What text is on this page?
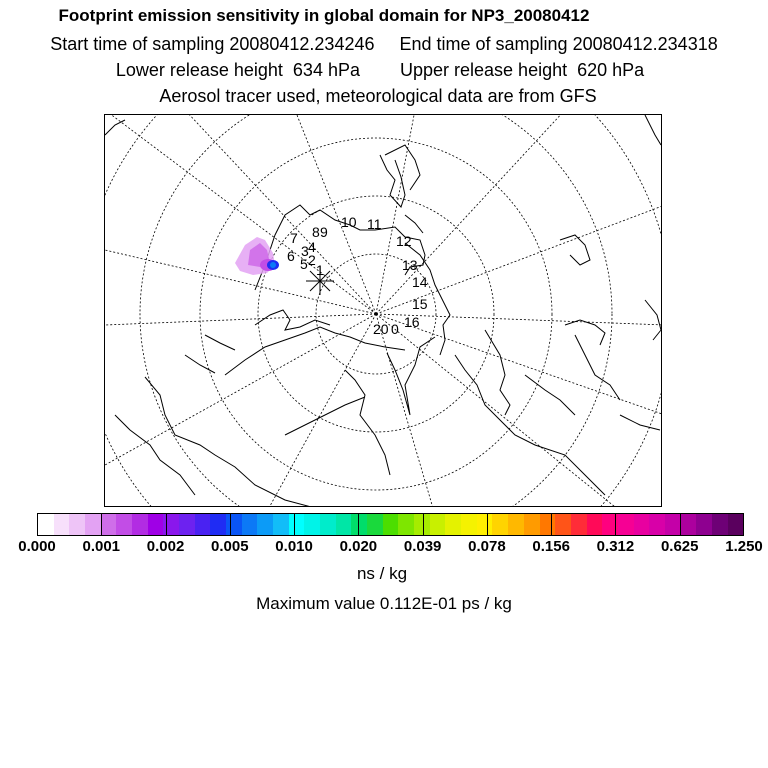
Footprint emission sensitivity in global domain for NP3_20080412
Start time of sampling 20080412.234246     End time of sampling 20080412.234318
Lower release height  634 hPa        Upper release height  620 hPa
Aerosol tracer used, meteorological data are from GFS
1
2
3 4
5
6
7 8 9
10 11
12
13
14
15
16
20 0
0.000 0.001 0.002 0.005 0.010 0.020 0.039 0.078 0.156 0.312 0.625 1.250
ns / kg
Maximum value 0.112E-01 ps / kg
